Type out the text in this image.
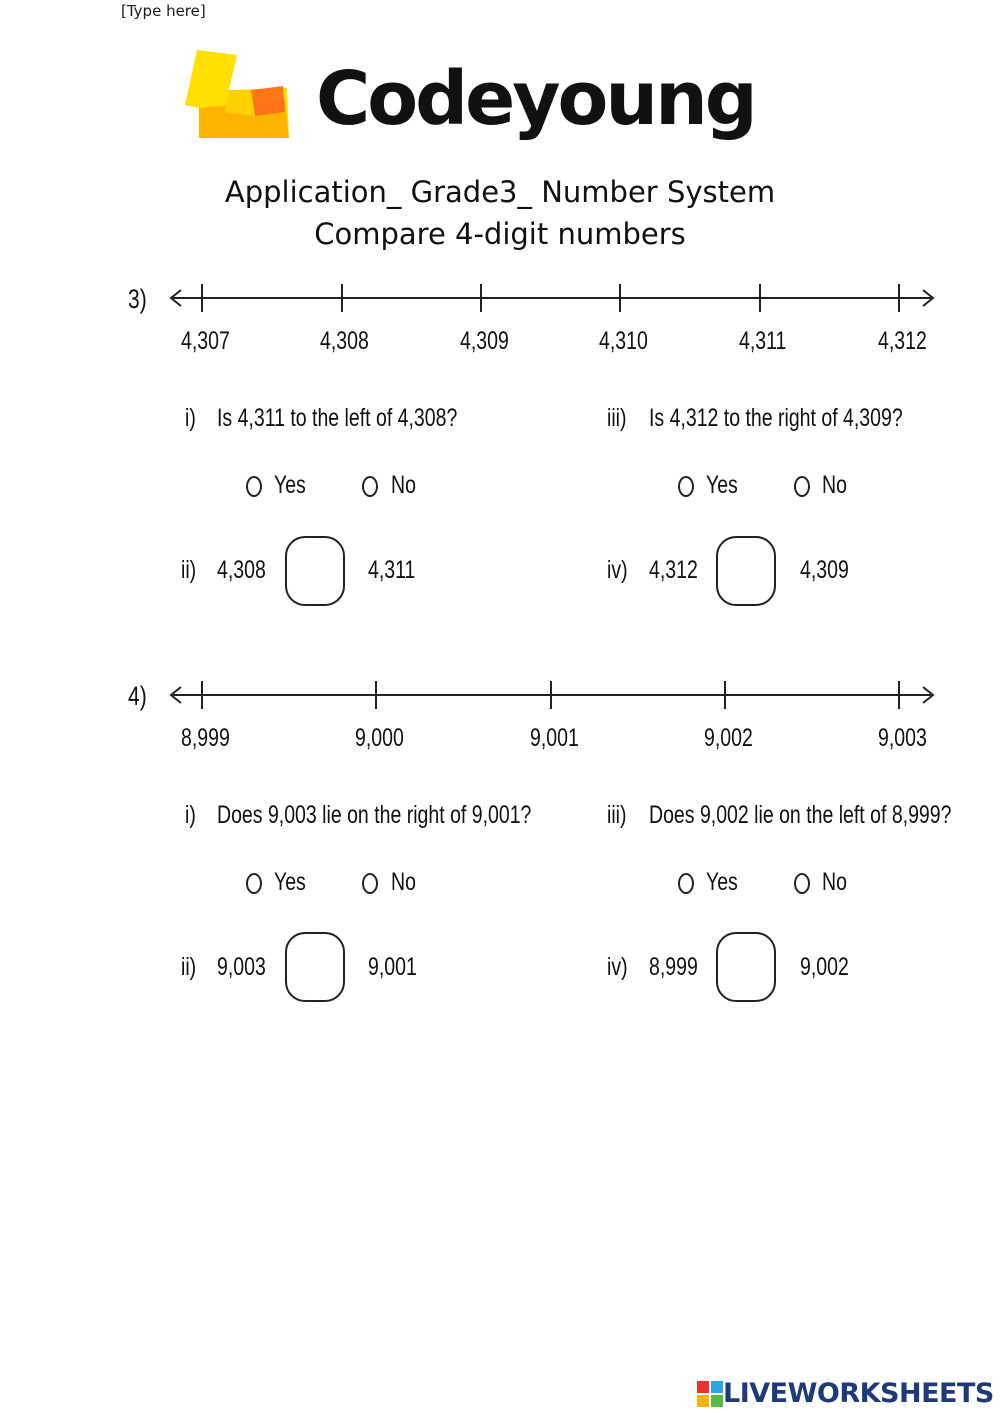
[Type here]
Codeyoung
Application_ Grade3_ Number System
Compare 4-digit numbers
3)
4,307	4,308	4,309	4,310	4,311	4,312
i) Is 4,311 to the left of 4,308?
Yes	No
iii) Is 4,312 to the right of 4,309?
Yes	No
ii) 4,308	4,311	iv) 4,312	4,309
4)
8,999	9,000	9,001	9,002	9,003
i) Does 9,003 lie on the right of 9,001?
Yes	No
iii) Does 9,002 lie on the left of 8,999?
Yes	No
ii) 9,003	9,001	iv) 8,999	9,002
LIVEWORKSHEETS
